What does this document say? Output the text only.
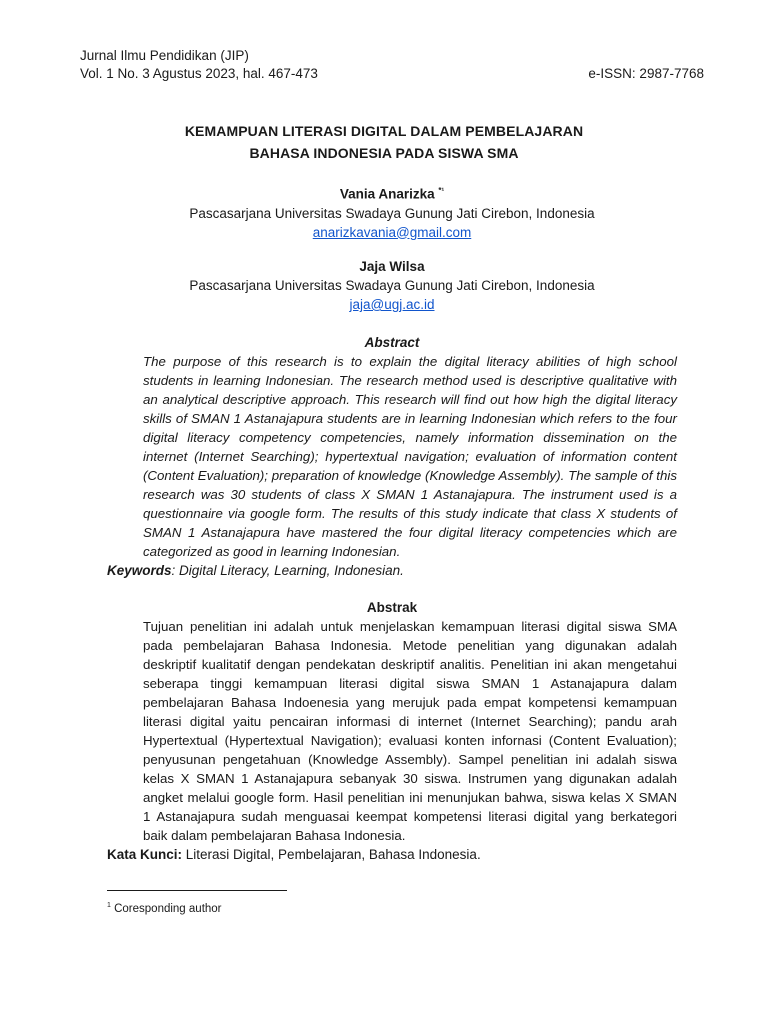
Jurnal Ilmu Pendidikan (JIP)
Vol. 1 No. 3 Agustus 2023, hal. 467-473	e-ISSN: 2987-7768
KEMAMPUAN LITERASI DIGITAL DALAM PEMBELAJARAN
BAHASA INDONESIA PADA SISWA SMA
Vania Anarizka $^{*^1}$
Pascasarjana Universitas Swadaya Gunung Jati Cirebon, Indonesia
anarizkavania@gmail.com
Jaja Wilsa
Pascasarjana Universitas Swadaya Gunung Jati Cirebon, Indonesia
jaja@ugj.ac.id
Abstract
The purpose of this research is to explain the digital literacy abilities of high school students in learning Indonesian. The research method used is descriptive qualitative with an analytical descriptive approach. This research will find out how high the digital literacy skills of SMAN 1 Astanajapura students are in learning Indonesian which refers to the four digital literacy competency competencies, namely information dissemination on the internet (Internet Searching); hypertextual navigation; evaluation of information content (Content Evaluation); preparation of knowledge (Knowledge Assembly). The sample of this research was 30 students of class X SMAN 1 Astanajapura. The instrument used is a questionnaire via google form. The results of this study indicate that class X students of SMAN 1 Astanajapura have mastered the four digital literacy competencies which are categorized as good in learning Indonesian.
Keywords: Digital Literacy, Learning, Indonesian.
Abstrak
Tujuan penelitian ini adalah untuk menjelaskan kemampuan literasi digital siswa SMA pada pembelajaran Bahasa Indonesia. Metode penelitian yang digunakan adalah deskriptif kualitatif dengan pendekatan deskriptif analitis. Penelitian ini akan mengetahui seberapa tinggi kemampuan literasi digital siswa SMAN 1 Astanajapura dalam pembelajaran Bahasa Indoenesia yang merujuk pada empat kompetensi kemampuan literasi digital yaitu pencairan informasi di internet (Internet Searching); pandu arah Hypertextual (Hypertextual Navigation); evaluasi konten infornasi (Content Evaluation); penyusunan pengetahuan (Knowledge Assembly). Sampel penelitian ini adalah siswa kelas X SMAN 1 Astanajapura sebanyak 30 siswa. Instrumen yang digunakan adalah angket melalui google form. Hasil penelitian ini menunjukan bahwa, siswa kelas X SMAN 1 Astanajapura sudah menguasai keempat kompetensi literasi digital yang berkategori baik dalam pembelajaran Bahasa Indonesia.
Kata Kunci: Literasi Digital, Pembelajaran, Bahasa Indonesia.
$^1$ Coresponding author
